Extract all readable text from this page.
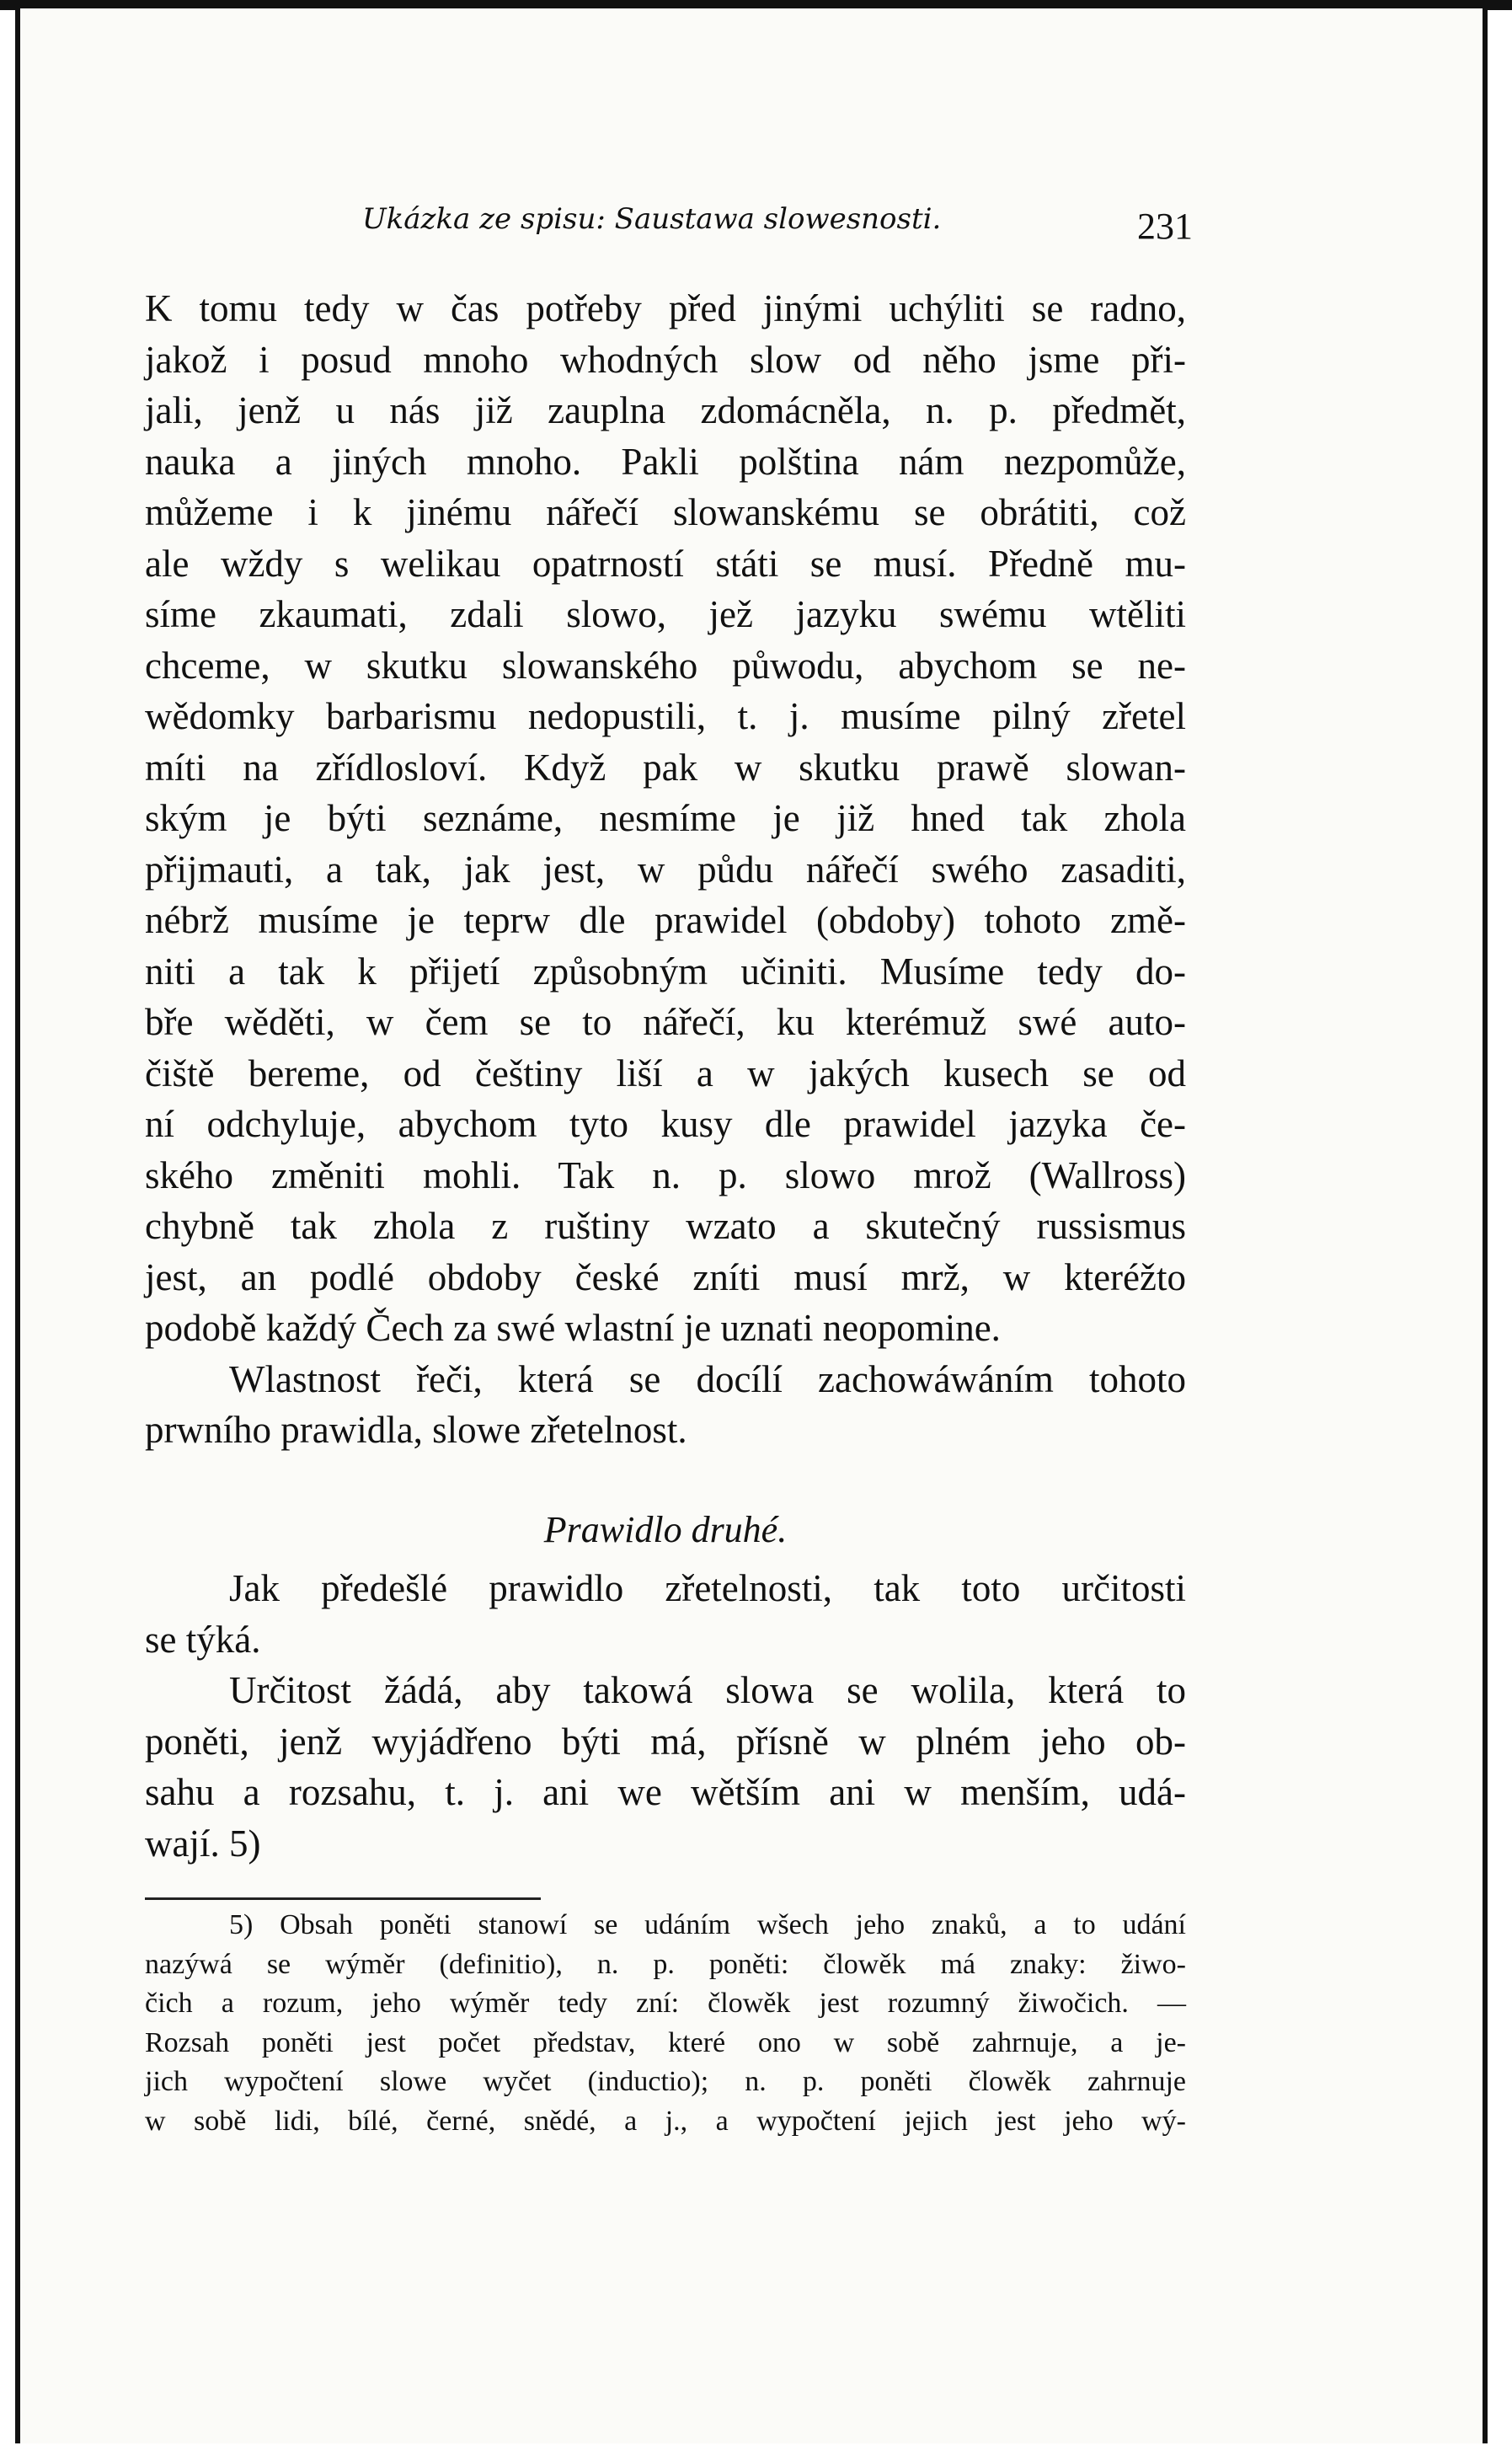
Ukázka ze spisu: Saustawa slowesnosti.	231
K tomu tedy w čas potřeby před jinými uchýliti se radno,
jakož i posud mnoho whodných slow od něho jsme při-
jali, jenž u nás již zauplna zdomácněla, n. p. předmět,
nauka a jiných mnoho. Pakli polština nám nezpomůže,
můžeme i k jinému nářečí slowanskému se obrátiti, což
ale wždy s welikau opatrností státi se musí. Předně mu-
síme zkaumati, zdali slowo, jež jazyku swému wtěliti
chceme, w skutku slowanského půwodu, abychom se ne-
wědomky barbarismu nedopustili, t. j. musíme pilný zřetel
míti na zřídlosloví. Když pak w skutku prawě slowan-
ským je býti seznáme, nesmíme je již hned tak zhola
přijmauti, a tak, jak jest, w půdu nářečí swého zasaditi,
nébrž musíme je teprw dle prawidel (obdoby) tohoto změ-
niti a tak k přijetí způsobným učiniti. Musíme tedy do-
bře wěděti, w čem se to nářečí, ku kterémuž swé auto-
čiště bereme, od češtiny liší a w jakých kusech se od
ní odchyluje, abychom tyto kusy dle prawidel jazyka če-
ského změniti mohli. Tak n. p. slowo mrož (Wallross)
chybně tak zhola z ruštiny wzato a skutečný russismus
jest, an podlé obdoby české zníti musí mrž, w kteréžto
podobě každý Čech za swé wlastní je uznati neopomine.
Wlastnost řeči, která se docílí zachowáwáním tohoto
prwního prawidla, slowe zřetelnost.
Prawidlo druhé.
Jak předešlé prawidlo zřetelnosti, tak toto určitosti
se týká.
Určitost žádá, aby takowá slowa se wolila, která to
poněti, jenž wyjádřeno býti má, přísně w plném jeho ob-
sahu a rozsahu, t. j. ani we wětším ani w menším, udá-
wají. 5)
5) Obsah poněti stanowí se udáním wšech jeho znaků, a to udání
nazýwá se wýměr (definitio), n. p. poněti: člowěk má znaky: žiwo-
čich a rozum, jeho wýměr tedy zní: člowěk jest rozumný žiwočich. —
Rozsah poněti jest počet představ, které ono w sobě zahrnuje, a je-
jich wypočtení slowe wyčet (inductio); n. p. poněti člowěk zahrnuje
w sobě lidi, bílé, černé, snědé, a j., a wypočtení jejich jest jeho wý-
